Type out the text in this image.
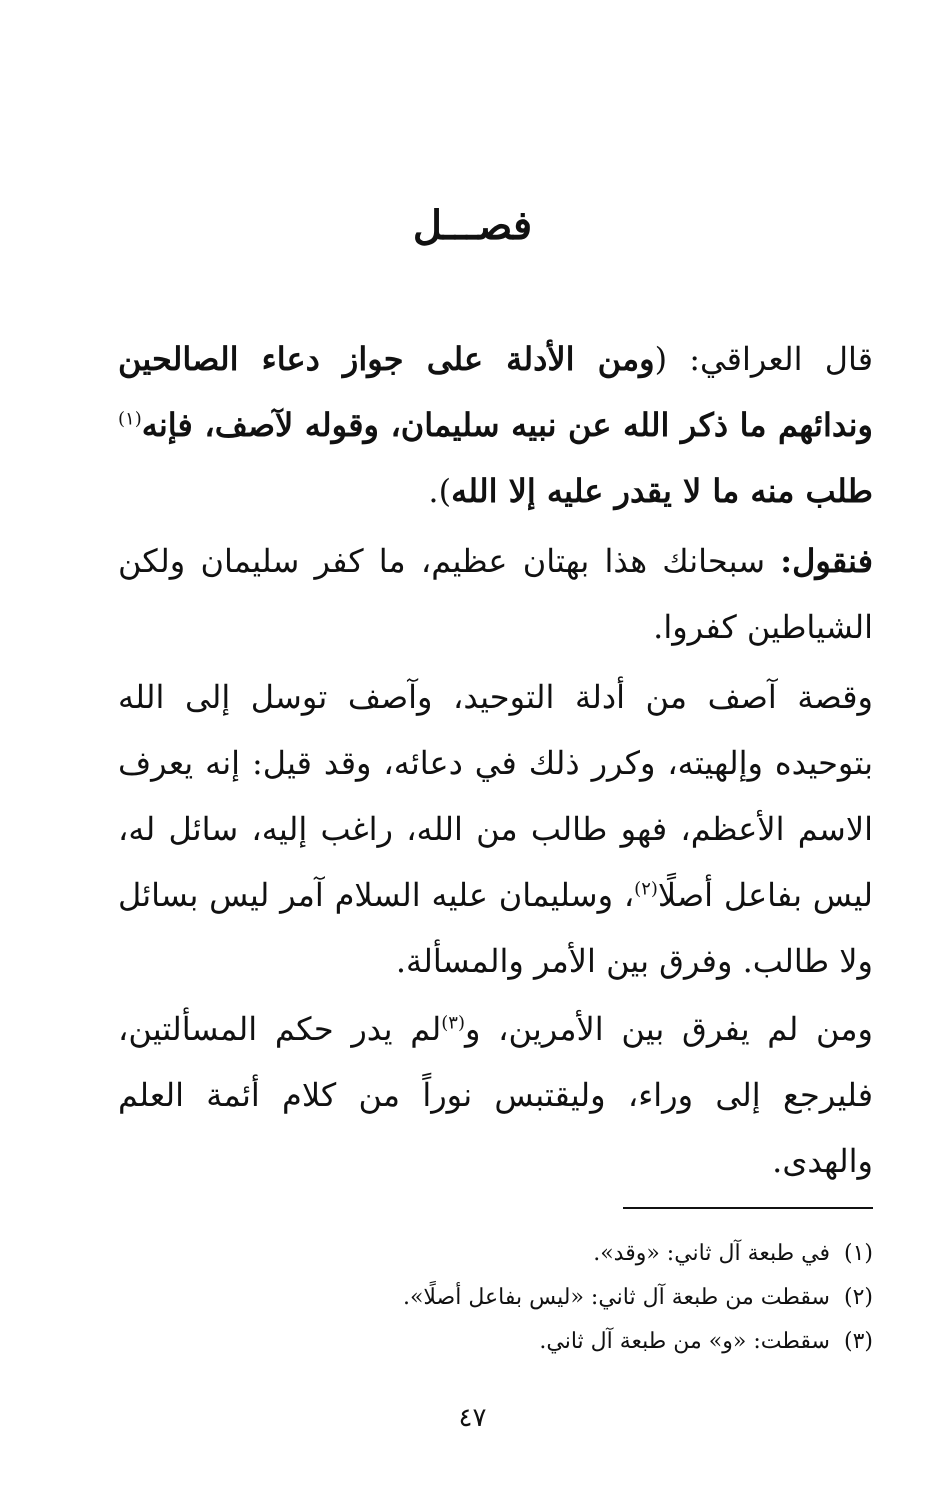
فصـــل

قال العراقي: (ومن الأدلة على جواز دعاء الصالحين وندائهم ما ذكر الله عن نبيه سليمان، وقوله لآصف، فإنه$^{(١)}$ طلب منه ما لا يقدر عليه إلا الله).

فنقول: سبحانك هذا بهتان عظيم، ما كفر سليمان ولكن الشياطين كفروا.

وقصة آصف من أدلة التوحيد، وآصف توسل إلى الله بتوحيده وإلهيته، وكرر ذلك في دعائه، وقد قيل: إنه يعرف الاسم الأعظم، فهو طالب من الله، راغب إليه، سائل له، ليس بفاعل أصلًا$^{(٢)}$، وسليمان عليه السلام آمر ليس بسائل ولا طالب. وفرق بين الأمر والمسألة.

ومن لم يفرق بين الأمرين، و$^{(٣)}$لم يدر حكم المسألتين، فليرجع إلى وراء، وليقتبس نوراً من كلام أئمة العلم والهدى.

(١)في طبعة آل ثاني: «وقد».
(٢)سقطت من طبعة آل ثاني: «ليس بفاعل أصلًا».
(٣)سقطت: «و» من طبعة آل ثاني.
٤٧
